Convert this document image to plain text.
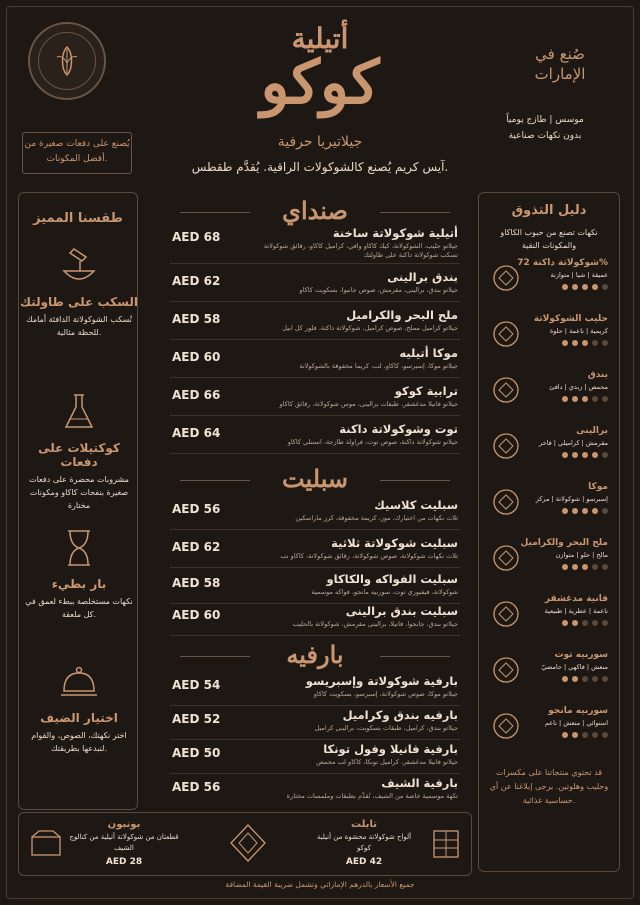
أتيلية
كوكو
جيلاتيريا حرفية
آيس كريم يُصنع كالشوكولات الراقية. يُقدَّم طقطس.
صُنع في
الإمارات
موسس | طازج يومياً
بدون نكهات صناعية
يُصنع على دفعات صغيرة من أفضل المكونات.
طقسنا المميز
السكب على طاولتك
تُسكب الشوكولاتة الدافئة أمامك للحظة مثالية.
كوكتيلات على دفعات
مشروبات محضرة على دفعات صغيرة بنفحات كاكاو ومكونات مختارة
بار بطيء
نكهات مستخلصة ببطء لعمق في كل ملعقة.
اختيار الضيف
اختر نكهتك، الصوص، والقوام لنبدعها بطريقتك.
صنداي
AED 68	أتيلية شوكولاتة ساخنة
جيلاتو حليب، الشوكولاتة، كيك كاكاو وافي، كراميل كاكاو، رقائق شوكولاتة تسكب شوكولاتة داكنة على طاولتك
AED 62	بندق برالينى
جيلاتو بندق، برالينى، مقرمش، صوص جانبوا، بسكويت كاكاو
AED 58	ملح البحر والكراميل
جيلاتو كراميل مملح، صوص كراميل، شوكولاتة داكنة، فلور كل ابيل
AED 60	موكا أتيليه
جيلاتو موكا، إسبرسو، كاكاو، لب، كريما مخفوقة بالشوكولاتة
AED 66	ترابية كوكو
جيلاتو فانيلا مدغشقر، طبقات برالينى، موس شوكولاتة، رقائق كاكاو
AED 64	توت وشوكولاتة داكنة
جيلاتو شوكولاتة داكنة، صوص توت، فراولة طازجة، استنلي كاكاو
سبليت
AED 56	سبليت كلاسيك
ثلاث نكهات من اختيارك، موز، كريمة مخفوقة، كرز ماراسكين
AED 62	سبليت شوكولاتة ثلاثية
ثلاث نكهات شوكولاتة، صوص شوكولاتة، رقائق شوكولاتة، كاكاو نب
AED 58	سبليت الفواكه والكاكاو
شوكولاتة، فيفيوري توت، سوربيه مانجو، فواكه موسمية
AED 60	سبليت بندق برالينى
جيلاتو بندق، جانجوا، فانيلا، برالينى مقرمش، شوكولاتة بالحليب
بارفيه
AED 54	بارفية شوكولاتة وإسبريسو
جيلاتو موكا، صوص شوكولاتة، إسبرسو، بسكويت كاكاو
AED 52	بارفيه بندق وكراميل
جيلاتو بندق، كراميل، طبقات بسكويت، برالينى كراميل
AED 50	بارفية فانيلا وفول تونكا
جيلاتو فانيلا مدغشقر، كراميل تونكا، كاكاو لب محمص
AED 56	بارفية الشيف
تكهة موسمية خاصة من الشيف، تُقدَّم بطبقات وملمسات مختارة
دليل التذوق
نكهات تصنع من حبوب الكاكاو والمكونات النقية
شوكولاتة داكنة 72%
عميقة | شيا | متوازنة
حليب الشوكولاتة
كريمية | ناعمة | حلوة
بندق
محمص | زبدي | دافئ
برالينى
مقرمش | كراميلي | فاخر
موكا
إسبرسو | شوكولاتة | مركز
ملح البحر والكراميل
مالح | حلو | متوازن
فانية مدغشقر
ناعمة | عطرية | طبيعية
سوربيه توت
منعش | فاكهي | حامضيّ
سوربيه مانجو
استوائي | منعش | ناعم
قد تحتوي منتجاتنا على مكسرات وحليب وهلوتين. يرجى إبلاغنا عن أي حساسية غذائية.
بونبون
قطعتان من شوكولاتة أتيلية من كتالوج الشيف
AED 28
تابلت
ألواح شوكولاتة محشوة من أتيلية كوكو
AED 42
جميع الأسعار بالدرهم الإماراتي وتشمل ضريبة القيمة المضافة
